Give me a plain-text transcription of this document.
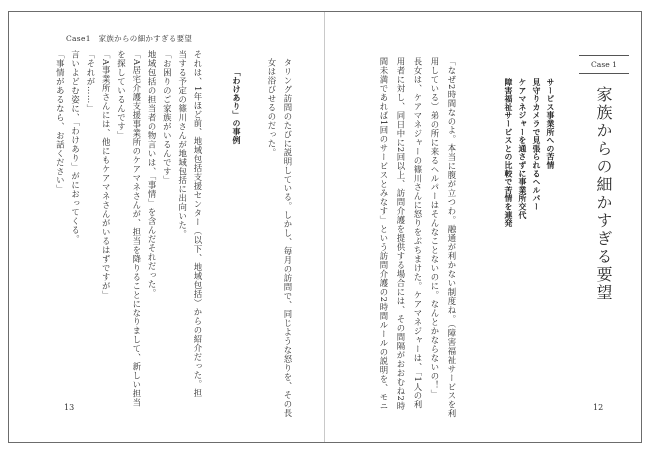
Case1　家族からの細かすぎる要望
Case 1
家族からの細かすぎる要望
サービス事業所への苦情
見守りカメラで見張られるヘルパー
ケアマネジャーを通さずに事業所交代
障害福祉サービスとの比較で苦情を連発

「なぜ2時間なのよ。本当に腹が立つわ。融通が利かない制度ね。（障害福祉サービスを利

用している）弟の所に来るヘルパーはそんなことないのに。なんとかならないの！」

長女は、ケアマネジャーの篠川さんに怒りをぶちまけた。ケアマネジャーは、「1人の利

用者に対し、同日中に2回以上、訪問介護を提供する場合には、その間隔がおおむね2時

間未満であれば1回のサービスとみなす」という訪問介護の2時間ルールの説明を、モニ

タリング訪問のたびに説明している。しかし、毎月の訪問で、同じような怒りを、その長

女は浴びせるのだった。

「わけあり」の事例

それは、1年ほど前、地域包括支援センター（以下、地域包括）からの紹介だった。担

当する予定の篠川さんが地域包括に出向いた。

「お困りのご家族がいるんです」

地域包括の担当者の物言いは、「事情」を含んだそれだった。

「A居宅介護支援事業所のケアマネさんが、担当を降りることになりまして、新しい担当

を探しているんです」

「A事業所さんには、他にもケアマネさんがいるはずですが」

「それが……」

言いよどむ姿に、「わけあり」がにおってくる。

「事情があるなら、お話ください」

13	12
